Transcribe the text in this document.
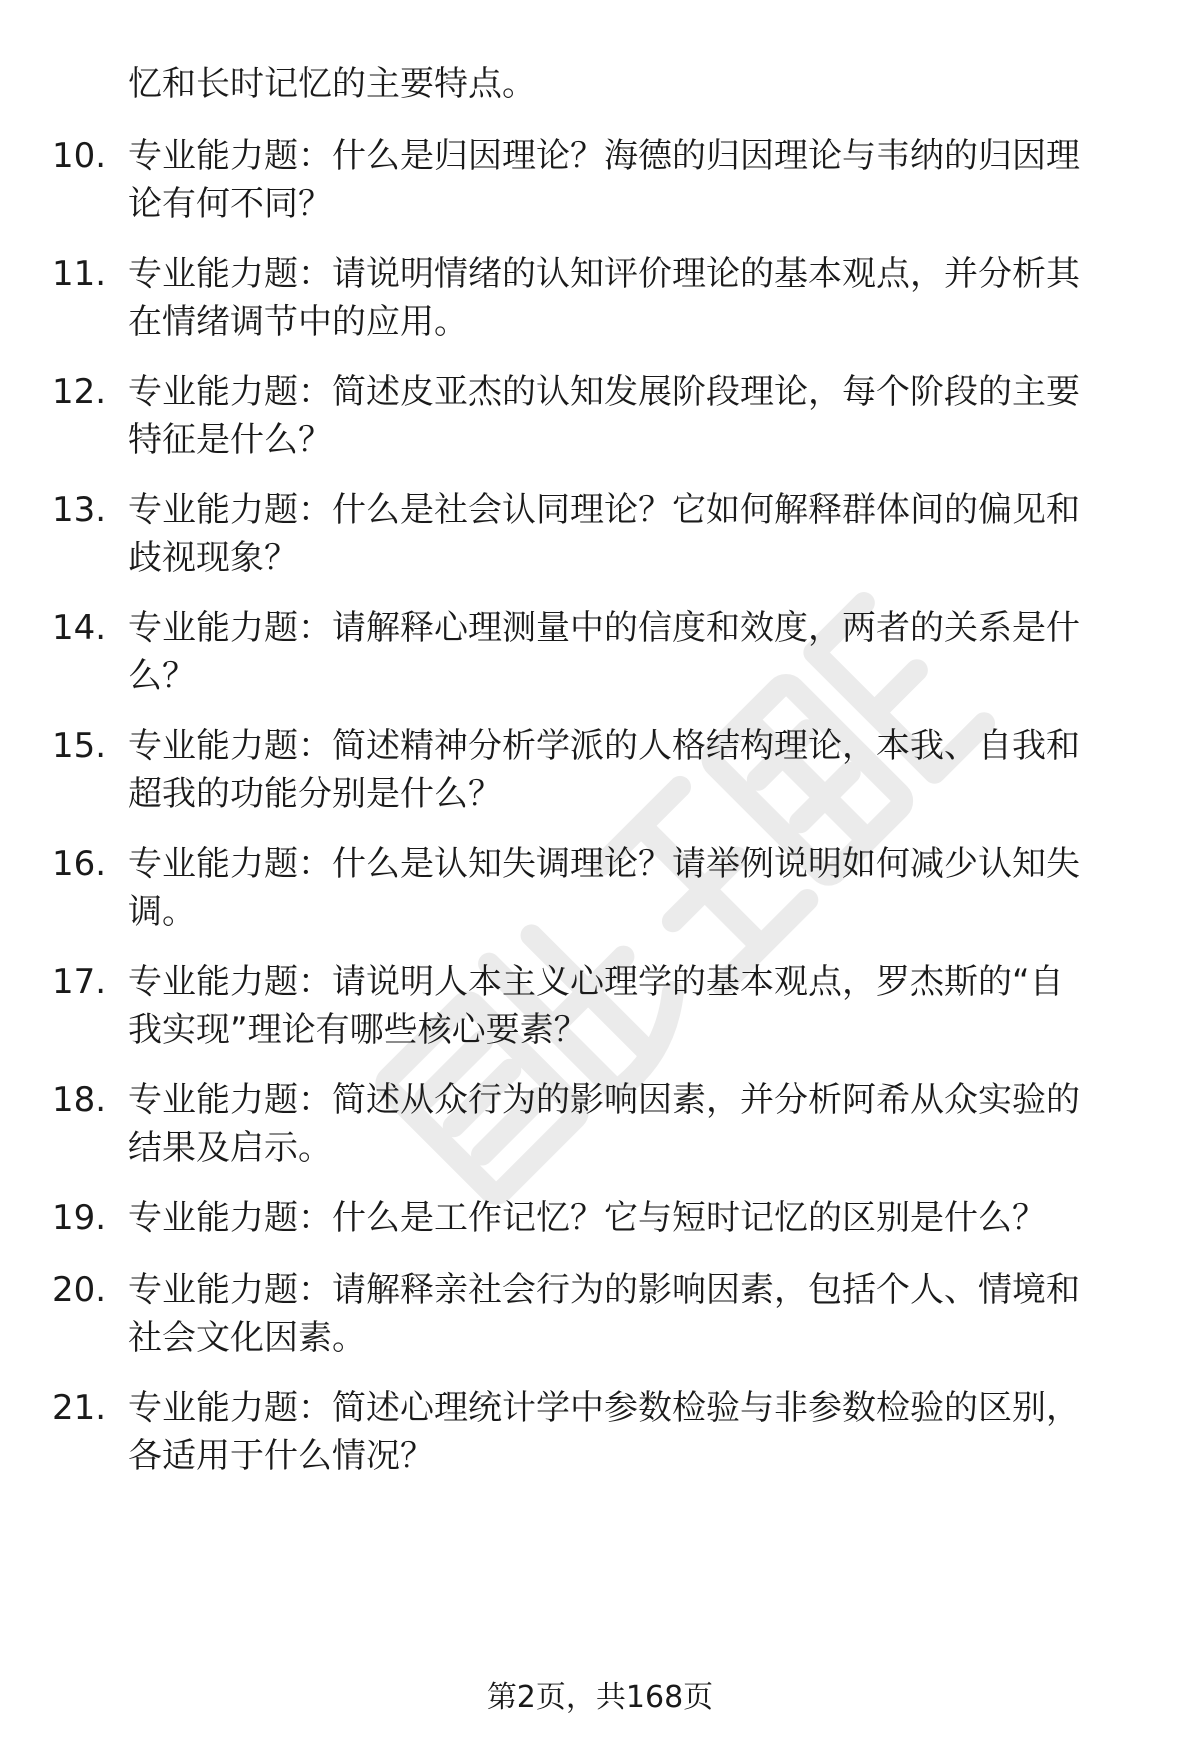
忆和长时记忆的主要特点。
10. 专业能力题：什么是归因理论？海德的归因理论与韦纳的归因理
论有何不同？
11. 专业能力题：请说明情绪的认知评价理论的基本观点，并分析其
在情绪调节中的应用。
12. 专业能力题：简述皮亚杰的认知发展阶段理论，每个阶段的主要
特征是什么？
13. 专业能力题：什么是社会认同理论？它如何解释群体间的偏见和
歧视现象？
14. 专业能力题：请解释心理测量中的信度和效度，两者的关系是什
么？
15. 专业能力题：简述精神分析学派的人格结构理论，本我、自我和
超我的功能分别是什么？
16. 专业能力题：什么是认知失调理论？请举例说明如何减少认知失
调。
17. 专业能力题：请说明人本主义心理学的基本观点，罗杰斯的“自
我实现”理论有哪些核心要素？
18. 专业能力题：简述从众行为的影响因素，并分析阿希从众实验的
结果及启示。
19. 专业能力题：什么是工作记忆？它与短时记忆的区别是什么？
20. 专业能力题：请解释亲社会行为的影响因素，包括个人、情境和
社会文化因素。
21. 专业能力题：简述心理统计学中参数检验与非参数检验的区别，
各适用于什么情况？
第2页，共168页
